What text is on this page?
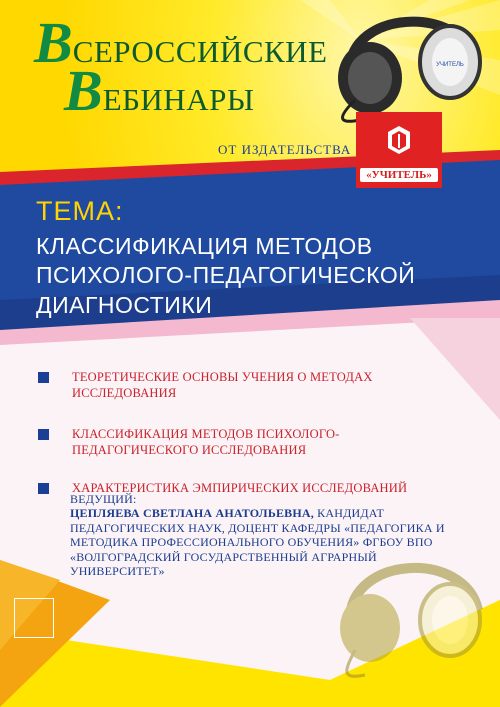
УЧИТЕЛЬ
ВСЕРОССИЙСКИЕ
ВЕБИНАРЫ
ОТ ИЗДАТЕЛЬСТВА
«УЧИТЕЛЬ»
ТЕМА:
КЛАССИФИКАЦИЯ МЕТОДОВ
ПСИХОЛОГО-ПЕДАГОГИЧЕСКОЙ
ДИАГНОСТИКИ
ТЕОРЕТИЧЕСКИЕ ОСНОВЫ УЧЕНИЯ О МЕТОДАХ ИССЛЕДОВАНИЯ
КЛАССИФИКАЦИЯ МЕТОДОВ ПСИХОЛОГО-ПЕДАГОГИЧЕСКОГО ИССЛЕДОВАНИЯ
ХАРАКТЕРИСТИКА ЭМПИРИЧЕСКИХ ИССЛЕДОВАНИЙ
ВЕДУЩИЙ:
ЦЕПЛЯЕВА СВЕТЛАНА АНАТОЛЬЕВНА, КАНДИДАТ ПЕДАГОГИЧЕСКИХ НАУК, ДОЦЕНТ КАФЕДРЫ «ПЕДАГОГИКА И МЕТОДИКА ПРОФЕССИОНАЛЬНОГО ОБУЧЕНИЯ» ФГБОУ ВПО «ВОЛГОГРАДСКИЙ ГОСУДАРСТВЕННЫЙ АГРАРНЫЙ УНИВЕРСИТЕТ»
